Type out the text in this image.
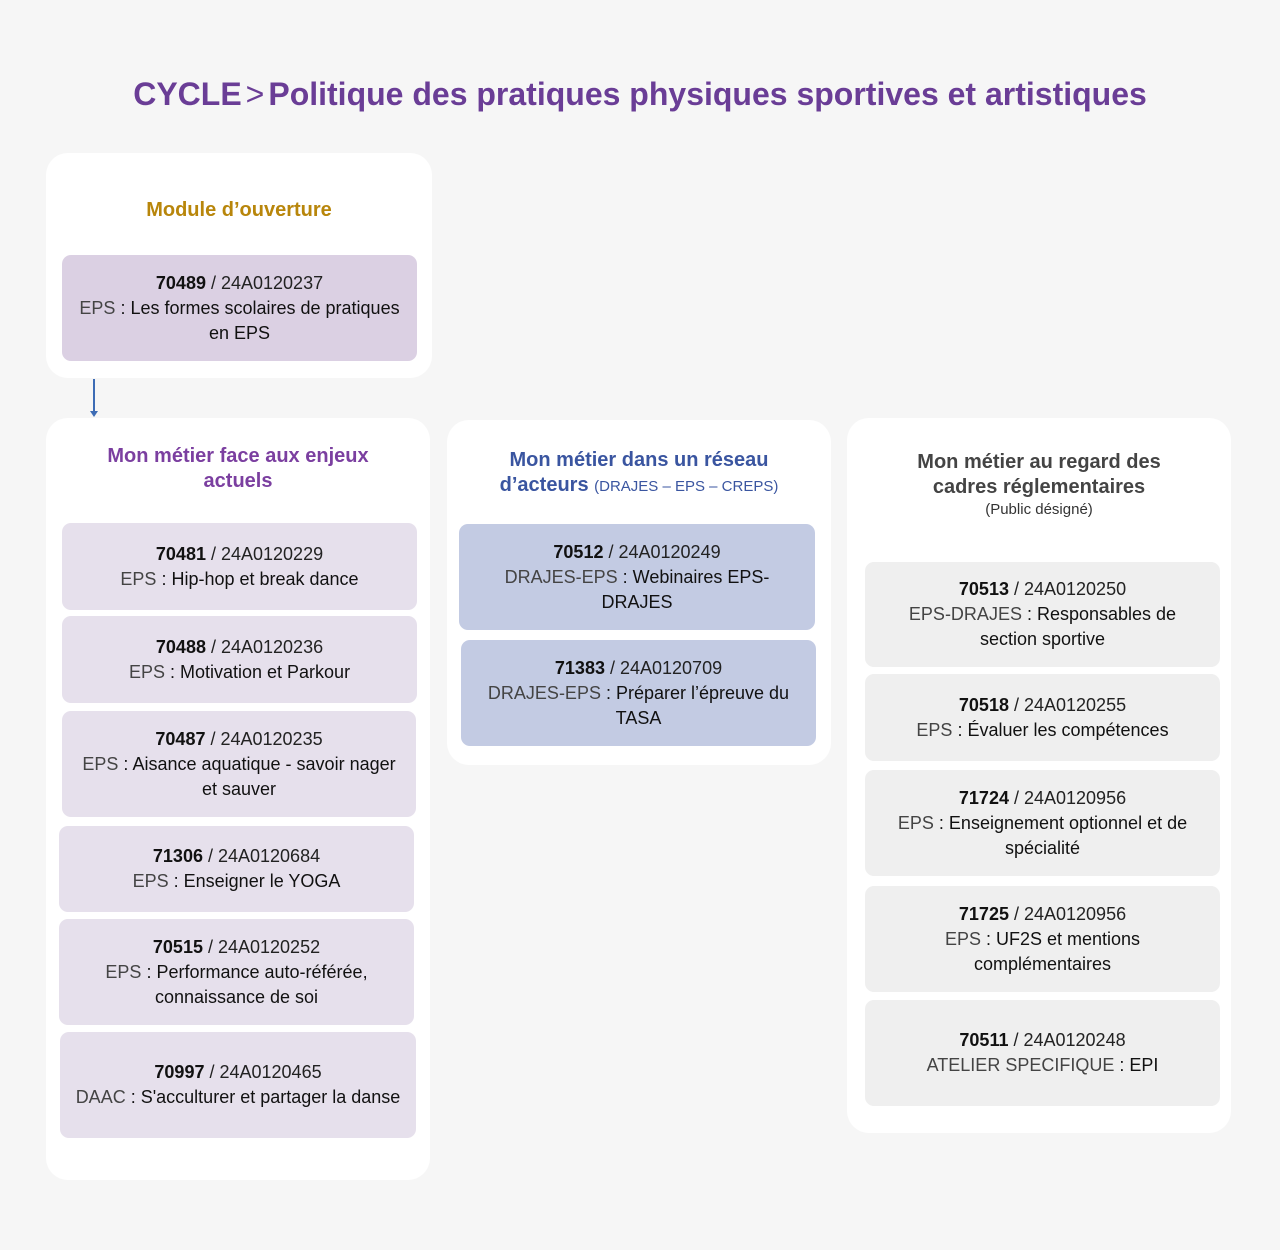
CYCLE > Politique des pratiques physiques sportives et artistiques
Module d’ouverture
Mon métier face aux enjeux actuels
Mon métier dans un réseau d’acteurs (DRAJES – EPS – CREPS)
Mon métier au regard des cadres réglementaires
(Public désigné)
70489 / 24A0120237
EPS : Les formes scolaires de pratiques en EPS
70481 / 24A0120229
EPS : Hip-hop et break dance
70488 / 24A0120236
EPS : Motivation et Parkour
70487 / 24A0120235
EPS : Aisance aquatique - savoir nager et sauver
71306 / 24A0120684
EPS : Enseigner le YOGA
70515 / 24A0120252
EPS : Performance auto-référée, connaissance de soi
70997 / 24A0120465
DAAC : S'acculturer et partager la danse
70512 / 24A0120249
DRAJES-EPS : Webinaires EPS-DRAJES
71383 / 24A0120709
DRAJES-EPS : Préparer l’épreuve du TASA
70513 / 24A0120250
EPS-DRAJES : Responsables de section sportive
70518 / 24A0120255
EPS : Évaluer les compétences
71724 / 24A0120956
EPS : Enseignement optionnel et de spécialité
71725 / 24A0120956
EPS : UF2S et mentions complémentaires
70511 / 24A0120248
ATELIER SPECIFIQUE : EPI
